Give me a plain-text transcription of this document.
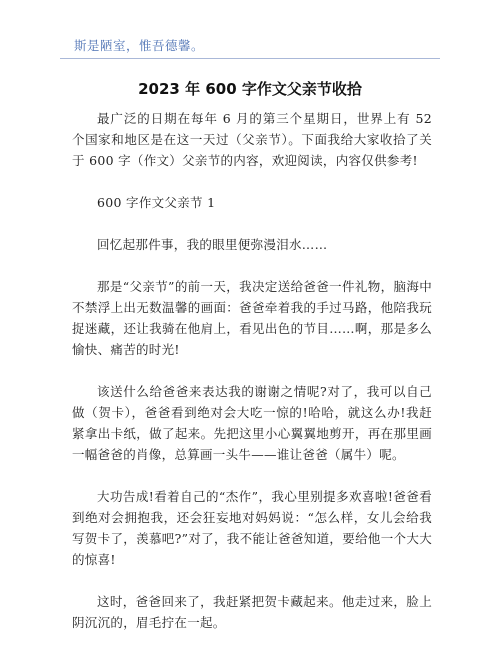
斯是陋室，惟吾德馨。
2023 年 600 字作文父亲节收拾

最广泛的日期在每年 6 月的第三个星期日，世界上有 52 个国家和地区是在这一天过（父亲节）。下面我给大家收拾了关于 600 字（作文）父亲节的内容，欢迎阅读，内容仅供参考!

600 字作文父亲节 1

回忆起那件事，我的眼里便弥漫泪水……

那是“父亲节”的前一天，我决定送给爸爸一件礼物，脑海中不禁浮上出无数温馨的画面：爸爸牵着我的手过马路，他陪我玩捉迷藏，还让我骑在他肩上，看见出色的节目……啊，那是多么愉快、痛苦的时光!

该送什么给爸爸来表达我的谢谢之情呢?对了，我可以自己做（贺卡），爸爸看到绝对会大吃一惊的!哈哈，就这么办!我赶紧拿出卡纸，做了起来。先把这里小心翼翼地剪开，再在那里画一幅爸爸的肖像，总算画一头牛——谁让爸爸（属牛）呢。

大功告成!看着自己的“杰作”，我心里别提多欢喜啦!爸爸看到绝对会拥抱我，还会狂妄地对妈妈说：“怎么样，女儿会给我写贺卡了，羡慕吧?”对了，我不能让爸爸知道，要给他一个大大的惊喜!

这时，爸爸回来了，我赶紧把贺卡藏起来。他走过来，脸上阴沉沉的，眉毛拧在一起。
